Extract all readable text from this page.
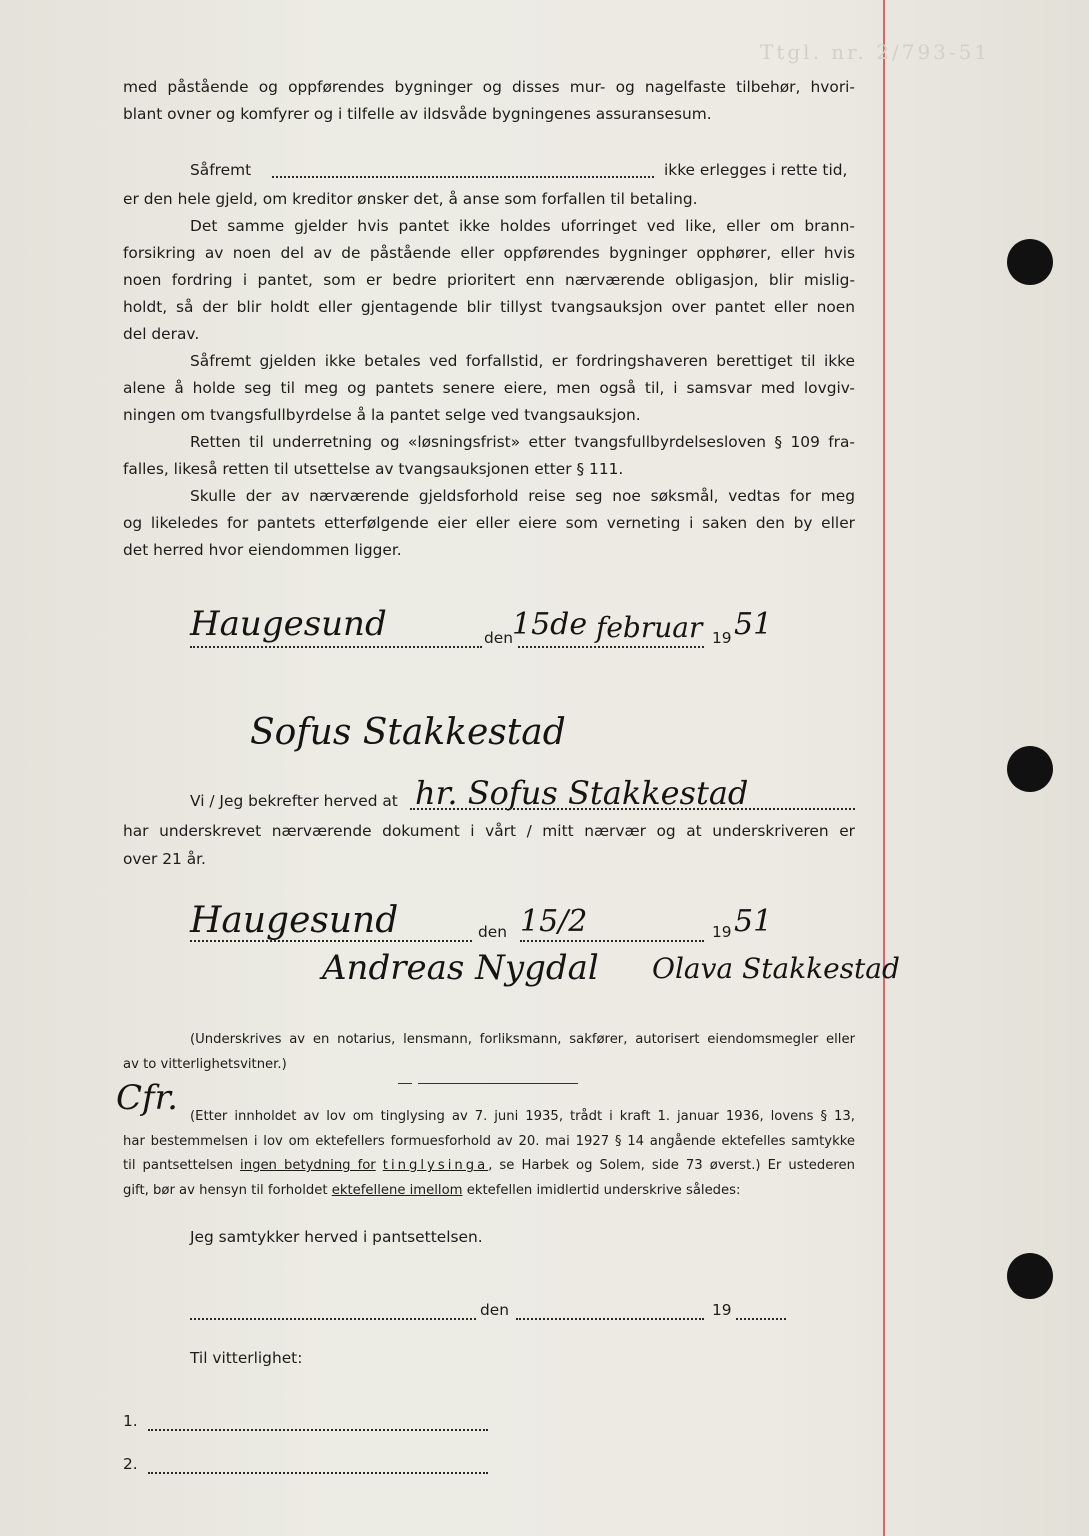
Ttgl. nr. 2/793-51
med påstående og oppførendes bygninger og disses mur- og nagelfaste tilbehør, hvori-
blant ovner og komfyrer og i tilfelle av ildsvåde bygningenes assuransesum.
Såfremt	ikke erlegges i rette tid,
er den hele gjeld, om kreditor ønsker det, å anse som forfallen til betaling.
Det samme gjelder hvis pantet ikke holdes uforringet ved like, eller om brann-
forsikring av noen del av de påstående eller oppførendes bygninger opphører, eller hvis
noen fordring i pantet, som er bedre prioritert enn nærværende obligasjon, blir mislig-
holdt, så der blir holdt eller gjentagende blir tillyst tvangsauksjon over pantet eller noen
del derav.
Såfremt gjelden ikke betales ved forfallstid, er fordringshaveren berettiget til ikke
alene å holde seg til meg og pantets senere eiere, men også til, i samsvar med lovgiv-
ningen om tvangsfullbyrdelse å la pantet selge ved tvangsauksjon.
Retten til underretning og «løsningsfrist» etter tvangsfullbyrdelsesloven § 109 fra-
falles, likeså retten til utsettelse av tvangsauksjonen etter § 111.
Skulle der av nærværende gjeldsforhold reise seg noe søksmål, vedtas for meg
og likeledes for pantets etterfølgende eier eller eiere som verneting i saken den by eller
det herred hvor eiendommen ligger.
Haugesund	den 15de februar 19 51
Sofus Stakkestad
Vi / Jeg bekrefter herved at hr. Sofus Stakkestad
har underskrevet nærværende dokument i vårt / mitt nærvær og at underskriveren er
over 21 år.
Haugesund	den 15/2	19 51
Andreas Nygdal Olava Stakkestad
(Underskrives av en notarius, lensmann, forliksmann, sakfører, autorisert eiendomsmegler eller
av to vitterlighetsvitner.)
Cfr. (Etter innholdet av lov om tinglysing av 7. juni 1935, trådt i kraft 1. januar 1936, lovens § 13,
har bestemmelsen i lov om ektefellers formuesforhold av 20. mai 1927 § 14 angående ektefelles samtykke
til pantsettelsen ingen betydning for tinglysinga, se Harbek og Solem, side 73 øverst.) Er ustederen
gift, bør av hensyn til forholdet ektefellene imellom ektefellen imidlertid underskrive således:
Jeg samtykker herved i pantsettelsen.
den	19
Til vitterlighet:
1.
2.
